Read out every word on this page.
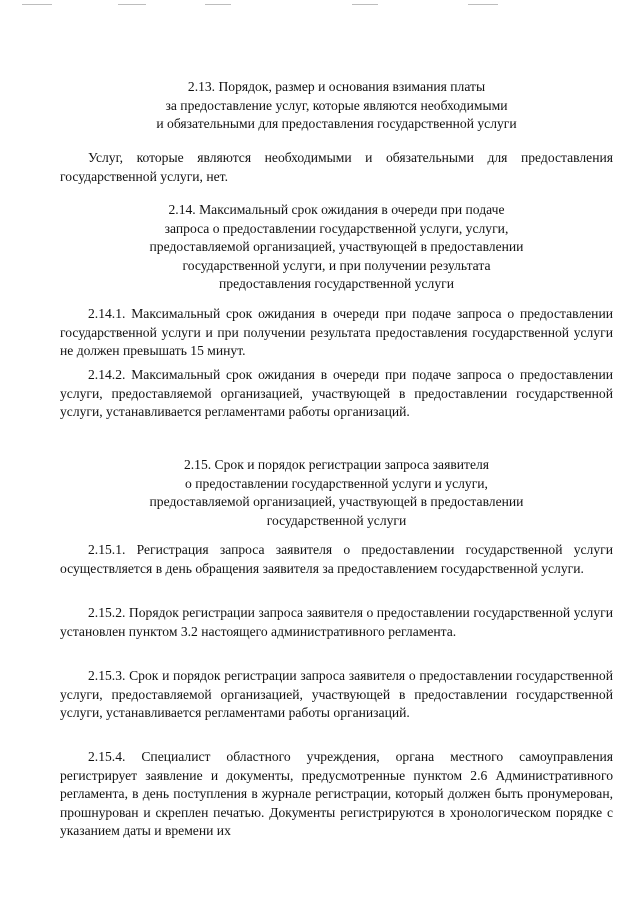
2.13. Порядок, размер и основания взимания платы
за предоставление услуг, которые являются необходимыми
и обязательными для предоставления государственной услуги
Услуг, которые являются необходимыми и обязательными для предоставления государственной услуги, нет.
2.14. Максимальный срок ожидания в очереди при подаче
запроса о предоставлении государственной услуги, услуги,
предоставляемой организацией, участвующей в предоставлении
государственной услуги, и при получении результата
предоставления государственной услуги
2.14.1. Максимальный срок ожидания в очереди при подаче запроса о предоставлении государственной услуги и при получении результата предоставления государственной услуги не должен превышать 15 минут.
2.14.2. Максимальный срок ожидания в очереди при подаче запроса о предоставлении услуги, предоставляемой организацией, участвующей в предоставлении государственной услуги, устанавливается регламентами работы организаций.
2.15. Срок и порядок регистрации запроса заявителя
о предоставлении государственной услуги и услуги,
предоставляемой организацией, участвующей в предоставлении
государственной услуги
2.15.1. Регистрация запроса заявителя о предоставлении государственной услуги осуществляется в день обращения заявителя за предоставлением государственной услуги.
2.15.2. Порядок регистрации запроса заявителя о предоставлении государственной услуги установлен пунктом 3.2 настоящего административного регламента.
2.15.3. Срок и порядок регистрации запроса заявителя о предоставлении государственной услуги, предоставляемой организацией, участвующей в предоставлении государственной услуги, устанавливается регламентами работы организаций.
2.15.4. Специалист областного учреждения, органа местного самоуправления регистрирует заявление и документы, предусмотренные пунктом 2.6 Административного регламента, в день поступления в журнале регистрации, который должен быть пронумерован, прошнурован и скреплен печатью. Документы регистрируются в хронологическом порядке с указанием даты и времени их
